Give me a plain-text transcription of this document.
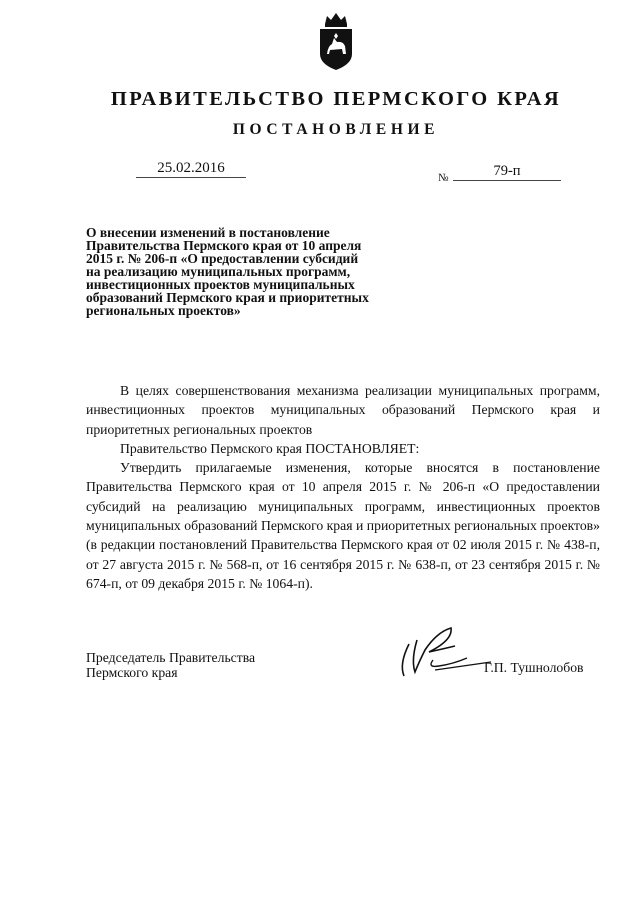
ПРАВИТЕЛЬСТВО ПЕРМСКОГО КРАЯ
ПОСТАНОВЛЕНИЕ
25.02.2016
№	79-п
О внесении изменений в постановление
Правительства Пермского края от 10 апреля
2015 г. № 206-п «О предоставлении субсидий
на реализацию муниципальных программ,
инвестиционных проектов муниципальных
образований Пермского края и приоритетных
региональных проектов»

В целях совершенствования механизма реализации муниципальных программ, инвестиционных проектов муниципальных образований Пермского края и приоритетных региональных проектов

Правительство Пермского края ПОСТАНОВЛЯЕТ:

Утвердить прилагаемые изменения, которые вносятся в постановление Правительства Пермского края от 10 апреля 2015 г. № 206-п «О предоставлении субсидий на реализацию муниципальных программ, инвестиционных проектов муниципальных образований Пермского края и приоритетных региональных проектов» (в редакции постановлений Правительства Пермского края от 02 июля 2015 г. № 438-п, от 27 августа 2015 г. № 568-п, от 16 сентября 2015 г. № 638-п, от 23 сентября 2015 г. № 674-п, от 09 декабря 2015 г. № 1064-п).

Председатель Правительства
Пермского края	Г.П. Тушнолобов
